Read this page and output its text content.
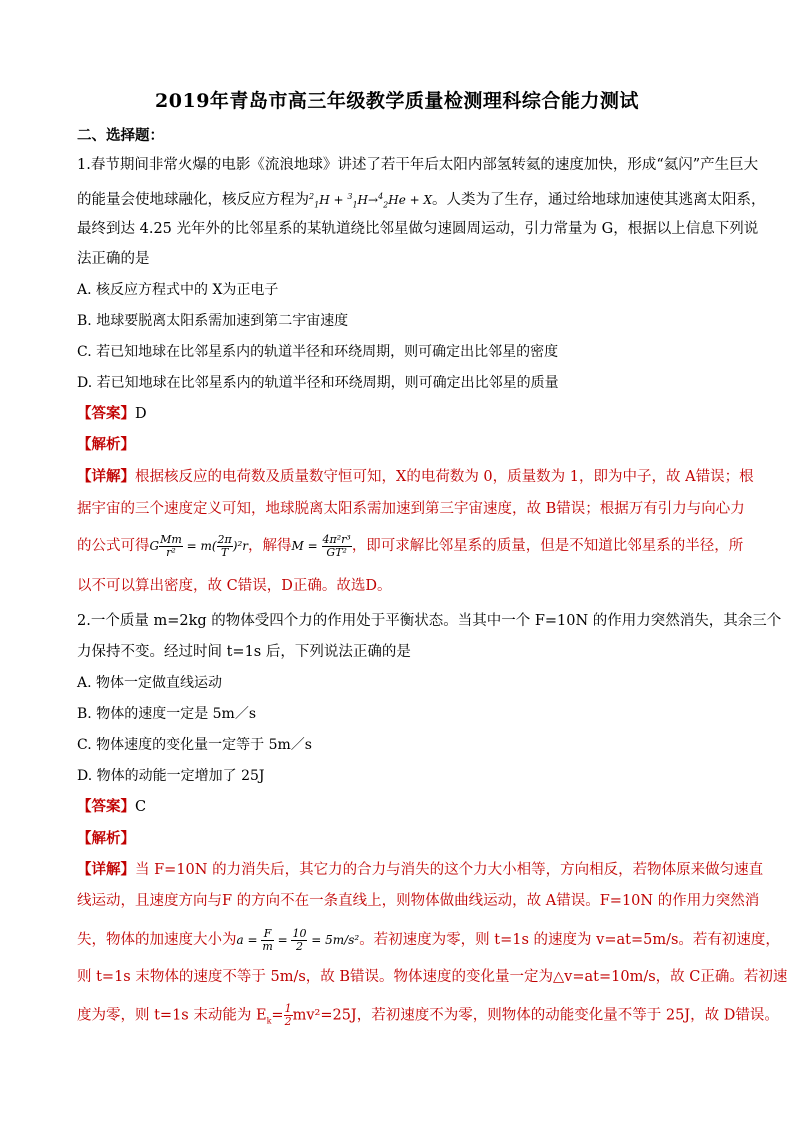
2019年青岛市高三年级教学质量检测理科综合能力测试
二、选择题：
1.春节期间非常火爆的电影《流浪地球》讲述了若干年后太阳内部氢转氦的速度加快，形成“氦闪”产生巨大
的能量会使地球融化，核反应方程为$^2_1$H + $^3_1$H→$^4_2$He + X。人类为了生存，通过给地球加速使其逃离太阳系，
最终到达 4.25 光年外的比邻星系的某轨道绕比邻星做匀速圆周运动，引力常量为 G，根据以上信息下列说
法正确的是
A. 核反应方程式中的 X为正电子
B. 地球要脱离太阳系需加速到第二宇宙速度
C. 若已知地球在比邻星系内的轨道半径和环绕周期，则可确定出比邻星的密度
D. 若已知地球在比邻星系内的轨道半径和环绕周期，则可确定出比邻星的质量
【答案】D
【解析】
【详解】根据核反应的电荷数及质量数守恒可知，X的电荷数为 0，质量数为 1，即为中子，故 A错误；根
据宇宙的三个速度定义可知，地球脱离太阳系需加速到第三宇宙速度，故 B错误；根据万有引力与向心力
的公式可得G $\frac{Mm}{\text{r²}} = m( \frac{2\pi}{T} )^2r$，解得$M = \frac{\text{4π²r³}}{\text{GT²}}$ ，即可求解比邻星系的质量，但是不知道比邻星系的半径，所
以不可以算出密度，故 C错误，D正确。故选D。
2.一个质量 m=2kg 的物体受四个力的作用处于平衡状态。当其中一个 F=10N 的作用力突然消失，其余三个
力保持不变。经过时间 t=1s 后，下列说法正确的是
A. 物体一定做直线运动
B. 物体的速度一定是 5m／s
C. 物体速度的变化量一定等于 5m／s
D. 物体的动能一定增加了 25J
【答案】C
【解析】
【详解】当 F=10N 的力消失后，其它力的合力与消失的这个力大小相等，方向相反，若物体原来做匀速直
线运动，且速度方向与F 的方向不在一条直线上，则物体做曲线运动，故 A错误。F=10N 的作用力突然消
失，物体的加速度大小为$a = \frac{F}{m} = \frac{10}{2} = 5m/s^2$。若初速度为零，则 t=1s 的速度为 v=at=5m/s。若有初速度，
则 t=1s 末物体的速度不等于 5m/s，故 B错误。物体速度的变化量一定为△v=at=10m/s，故 C正确。若初速
度为零，则 t=1s 末动能为 $E_k= \frac{1}{2} mv^2=25J$，若初速度不为零，则物体的动能变化量不等于 25J，故 D错误。
